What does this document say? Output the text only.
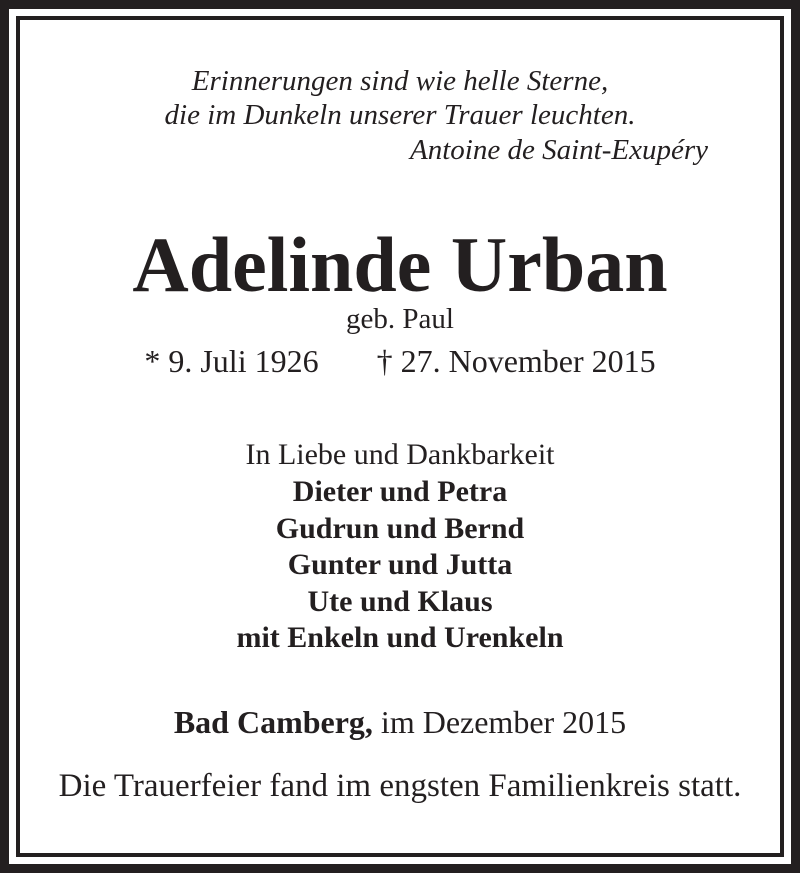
Erinnerungen sind wie helle Sterne,
die im Dunkeln unserer Trauer leuchten.
Antoine de Saint-Exupéry
Adelinde Urban
geb. Paul
* 9. Juli 1926 † 27. November 2015
In Liebe und Dankbarkeit
Dieter und Petra
Gudrun und Bernd
Gunter und Jutta
Ute und Klaus
mit Enkeln und Urenkeln
Bad Camberg, im Dezember 2015
Die Trauerfeier fand im engsten Familienkreis statt.
